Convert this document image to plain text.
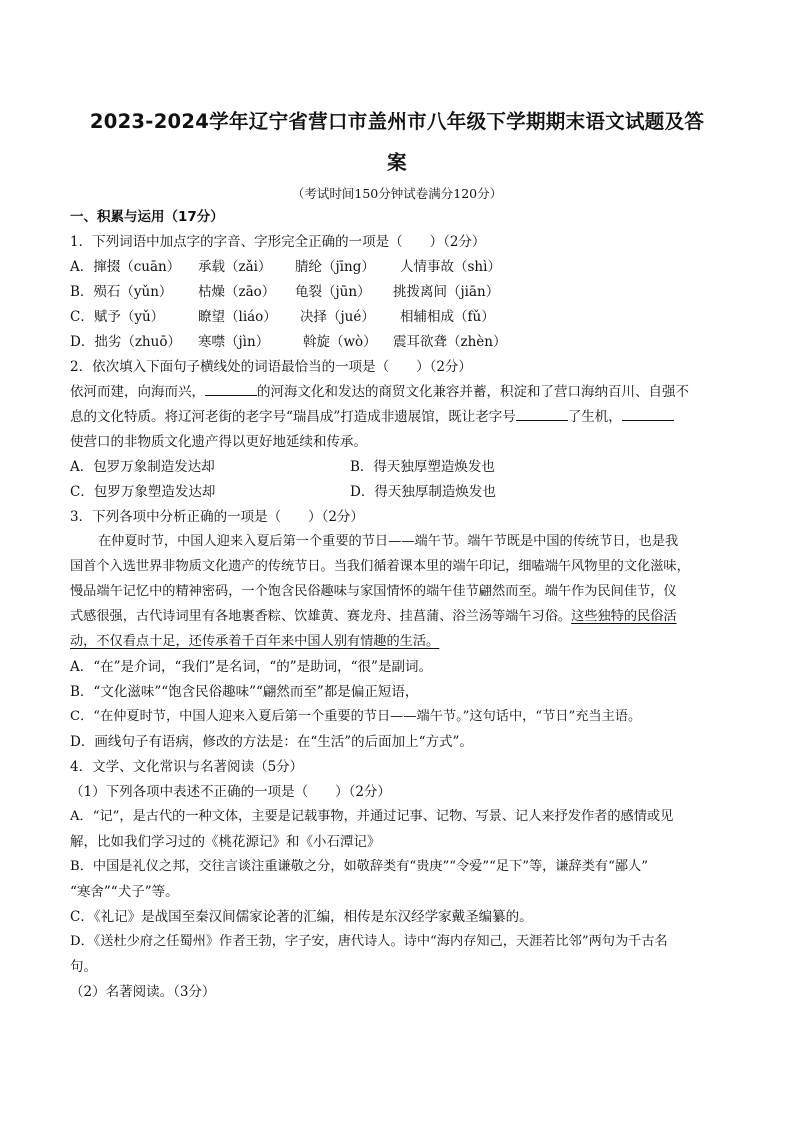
2023-2024学年辽宁省营口市盖州市八年级下学期期末语文试题及答
案
（考试时间150分钟试卷满分120分）
一、积累与运用（17分）
1．下列词语中加点字的字音、字形完全正确的一项是（　　）（2分）
A．撺掇（cuān） 承载（zǎi） 腈纶（jīng） 人情事故（shì）
B．殒石（yǔn） 枯燥（zāo） 龟裂（jūn） 挑拨离间（jiān）
C．赋予（yǔ）	瞭望（liáo） 决择（jué） 相辅相成（fǔ）
D．拙劣（zhuō） 寒噤（jìn）	斡旋（wò） 震耳欲聋（zhèn）
2．依次填入下面句子横线处的词语最恰当的一项是（　　）（2分）
依河而建，向海而兴，	的河海文化和发达的商贸文化兼容并蓄，积淀和了营口海纳百川、自强不
息的文化特质。将辽河老街的老字号“瑞昌成”打造成非遗展馆，既让老字号	了生机，
使营口的非物质文化遗产得以更好地延续和传承。
A．包罗万象制造发达却	B．得天独厚塑造焕发也
C．包罗万象塑造发达却	D．得天独厚制造焕发也
3．下列各项中分析正确的一项是（　　）（2分）
在仲夏时节，中国人迎来入夏后第一个重要的节日——端午节。端午节既是中国的传统节日，也是我
国首个入选世界非物质文化遗产的传统节日。当我们循着课本里的端午印记，细嗑端午风物里的文化滋味，
慢品端午记忆中的精神密码，一个饱含民俗趣味与家国情怀的端午佳节翩然而至。端午作为民间佳节，仪
式感很强，古代诗词里有各地裹香粽、饮雄黄、赛龙舟、挂菖蒲、浴兰汤等端午习俗。这些独特的民俗活
动，不仅看点十足，还传承着千百年来中国人别有情趣的生活。
A．“在”是介词，“我们”是名词，“的”是助词，“很”是副词。
B．“文化滋味”“饱含民俗趣味”“翩然而至”都是偏正短语，
C．“在仲夏时节，中国人迎来入夏后第一个重要的节日——端午节。”这句话中，“节日”充当主语。
D．画线句子有语病，修改的方法是：在“生活”的后面加上“方式”。
4．文学、文化常识与名著阅读（5分）
（1）下列各项中表述不正确的一项是（　　）（2分）
A．“记”，是古代的一种文体，主要是记载事物，并通过记事、记物、写景、记人来抒发作者的感情或见
解，比如我们学习过的《桃花源记》和《小石潭记》
B．中国是礼仪之邦，交往言谈注重谦敬之分，如敬辞类有“贵庚”“令爱”“足下”等，谦辞类有“鄙人”
“寒舍”“犬子”等。
C．《礼记》是战国至秦汉间儒家论著的汇编，相传是东汉经学家戴圣编纂的。
D．《送杜少府之任蜀州》作者王勃，字子安，唐代诗人。诗中“海内存知己，天涯若比邻”两句为千古名
句。
（2）名著阅读。（3分）
